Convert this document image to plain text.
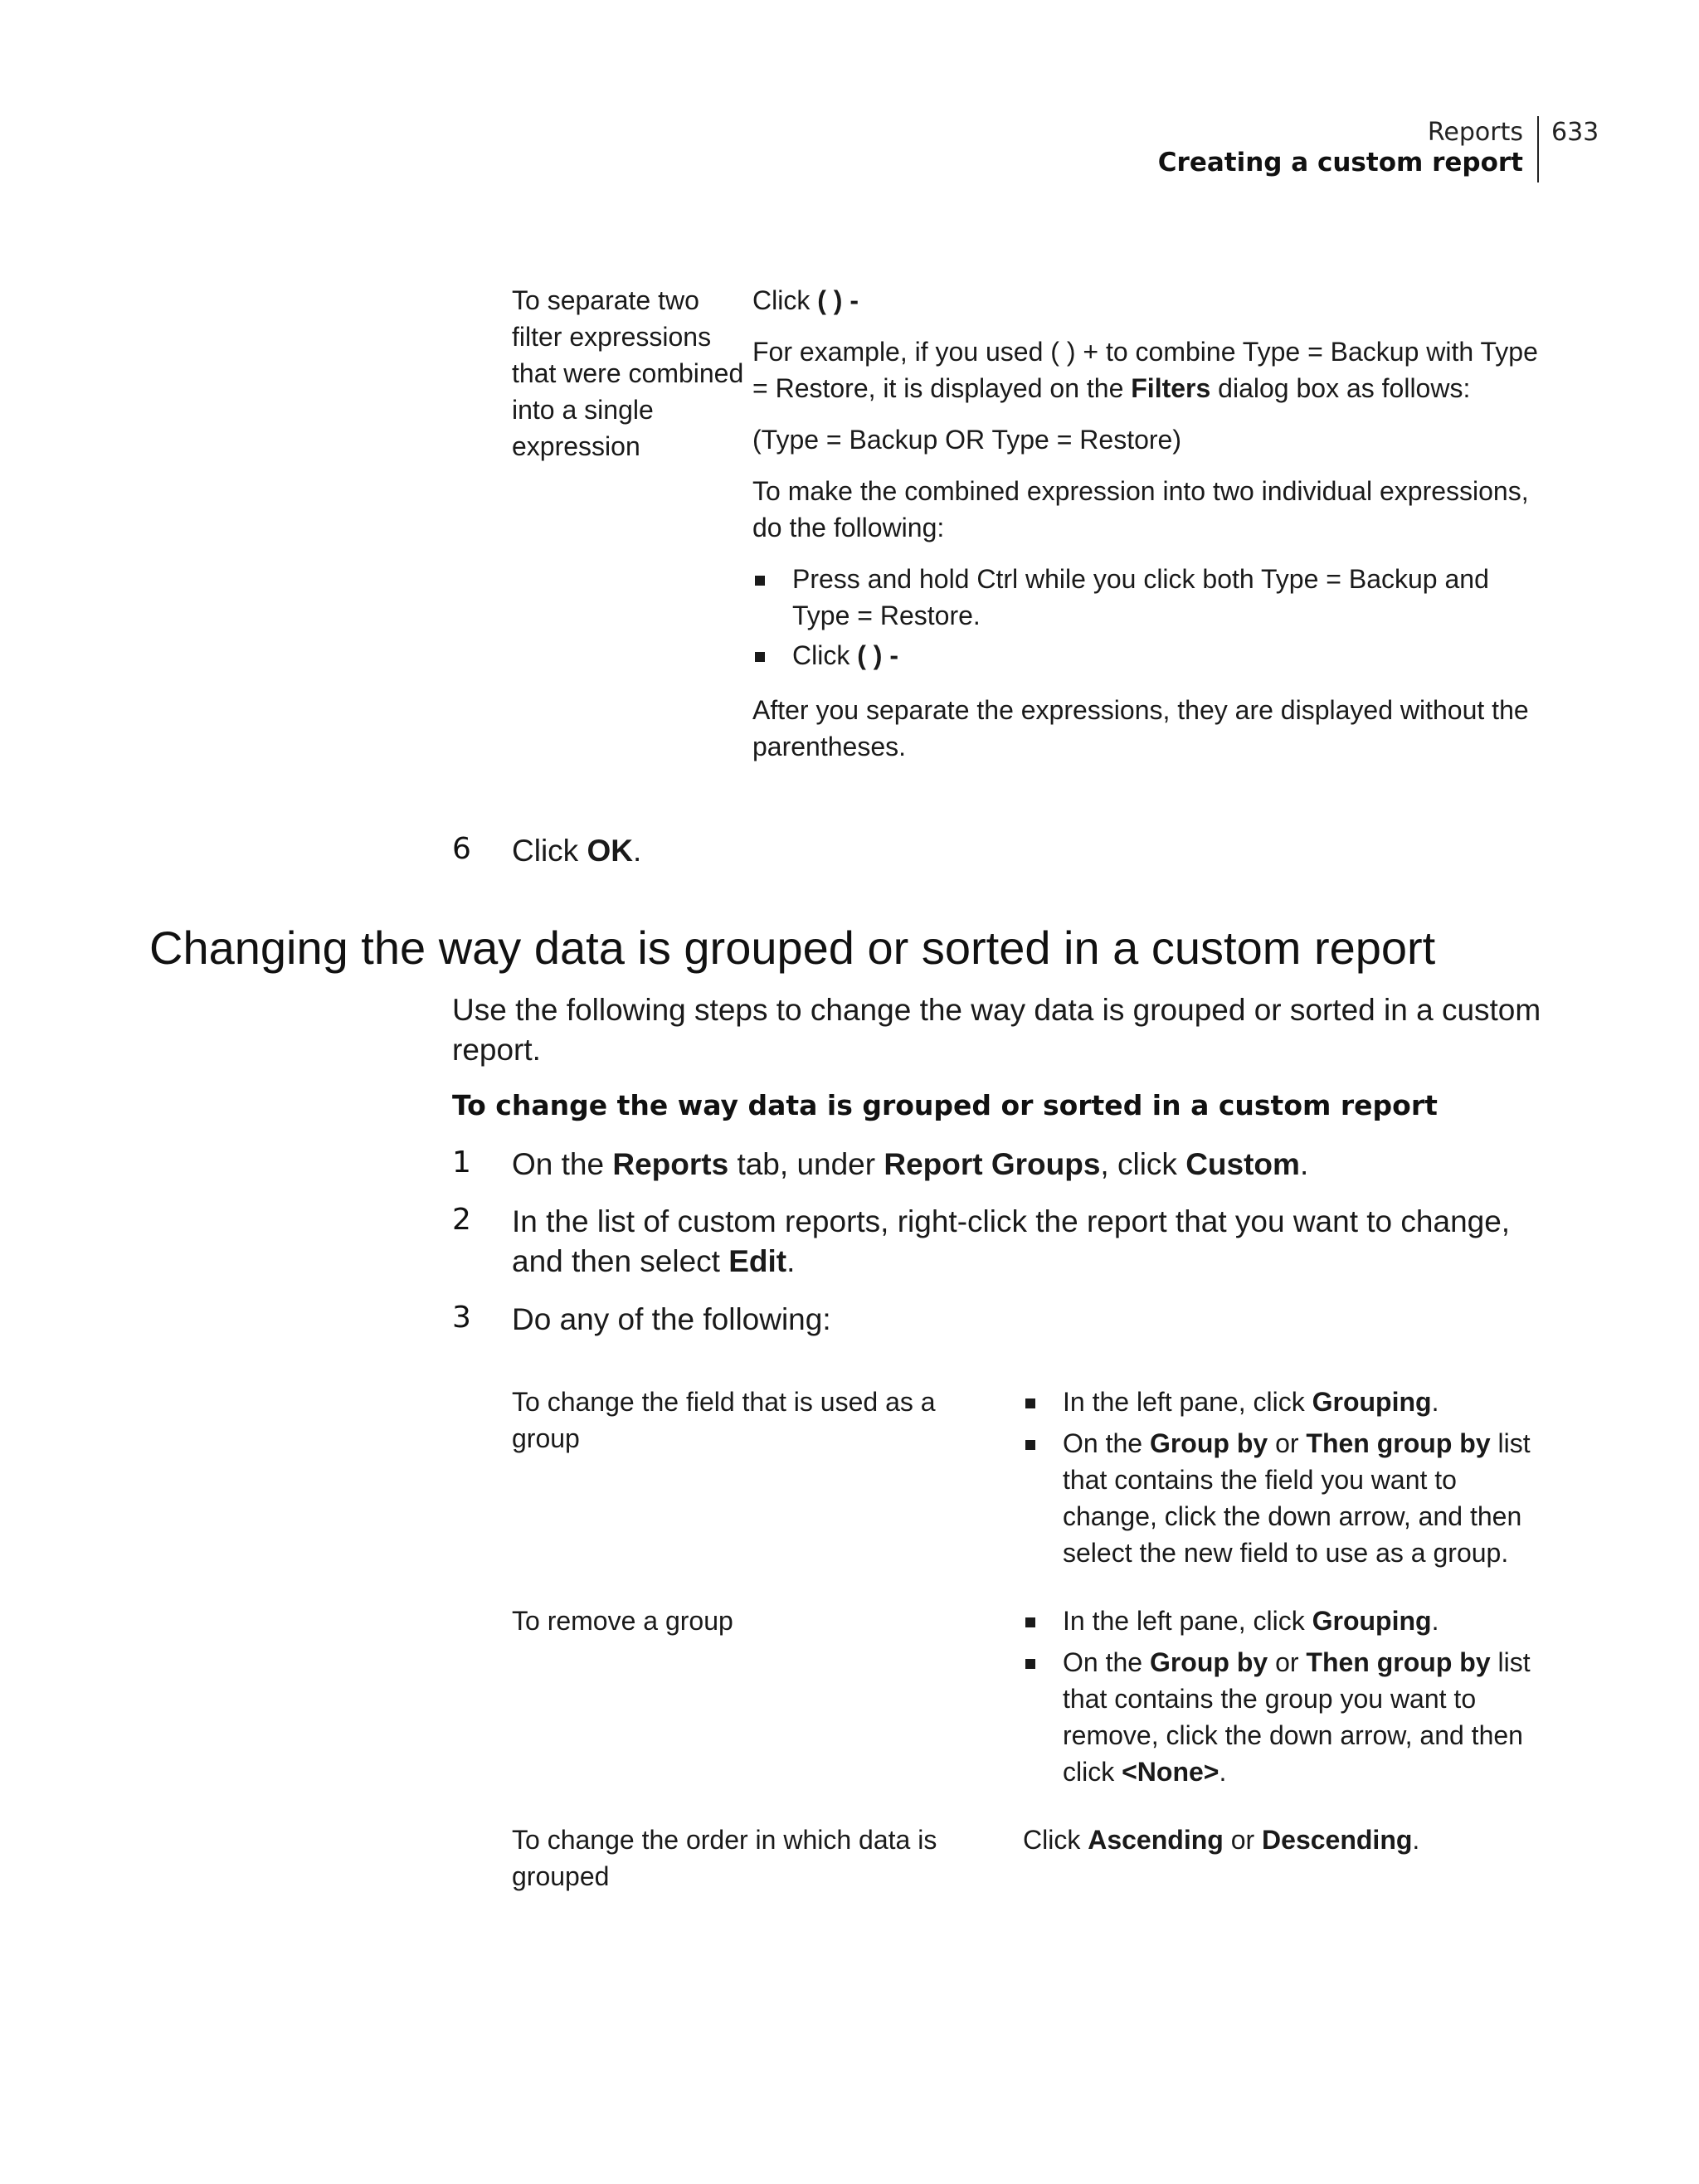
Reports
Creating a custom report
633
To separate two filter expressions that were combined into a single expression

Click ( ) -

For example, if you used ( ) + to combine Type = Backup with Type = Restore, it is displayed on the Filters dialog box as follows:

(Type = Backup OR Type = Restore)

To make the combined expression into two individual expressions, do the following:

Press and hold Ctrl while you click both Type = Backup and Type = Restore.
Click ( ) -

After you separate the expressions, they are displayed without the parentheses.

6 Click OK.
Changing the way data is grouped or sorted in a custom report
Use the following steps to change the way data is grouped or sorted in a custom report.
To change the way data is grouped or sorted in a custom report
1 On the Reports tab, under Report Groups, click Custom.
2 In the list of custom reports, right-click the report that you want to change, and then select Edit.
3 Do any of the following:
To change the field that is used as a group
In the left pane, click Grouping.
On the Group by or Then group by list that contains the field you want to change, click the down arrow, and then select the new field to use as a group.
To remove a group	In the left pane, click Grouping.
On the Group by or Then group by list that contains the group you want to remove, click the down arrow, and then click <None>.
To change the order in which data is grouped
Click Ascending or Descending.
